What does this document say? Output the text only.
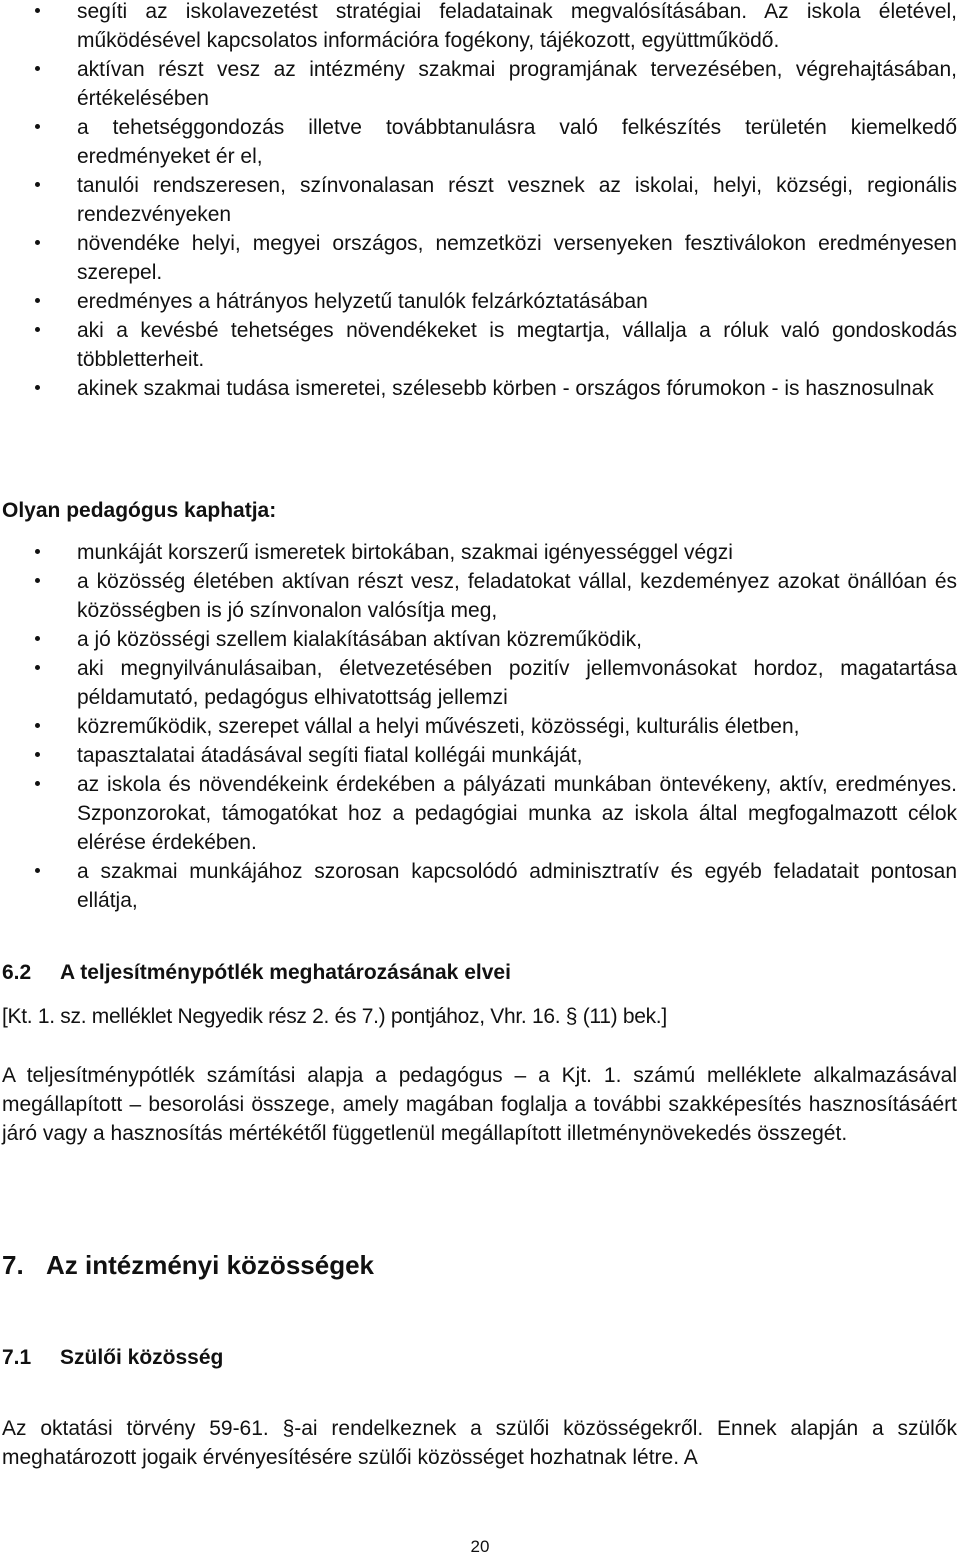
segíti az iskolavezetést stratégiai feladatainak megvalósításában. Az iskola életével, működésével kapcsolatos információra fogékony, tájékozott, együttműködő.
aktívan részt vesz az intézmény szakmai programjának tervezésében, végrehajtásában, értékelésében
a tehetséggondozás illetve továbbtanulásra való felkészítés területén kiemelkedő eredményeket ér el,
tanulói rendszeresen, színvonalasan részt vesznek az iskolai, helyi, községi, regionális rendezvényeken
növendéke helyi, megyei országos, nemzetközi versenyeken fesztiválokon eredményesen szerepel.
eredményes a hátrányos helyzetű tanulók felzárkóztatásában
aki a kevésbé tehetséges növendékeket is megtartja, vállalja a róluk való gondoskodás többletterheit.
akinek szakmai tudása ismeretei, szélesebb körben - országos fórumokon - is hasznosulnak

Olyan pedagógus kaphatja:

munkáját korszerű ismeretek birtokában, szakmai igényességgel végzi
a közösség életében aktívan részt vesz, feladatokat vállal, kezdeményez azokat önállóan és közösségben is jó színvonalon valósítja meg,
a jó közösségi szellem kialakításában aktívan közreműködik,
aki megnyilvánulásaiban, életvezetésében pozitív jellemvonásokat hordoz, magatartása példamutató, pedagógus elhivatottság jellemzi
közreműködik, szerepet vállal a helyi művészeti, közösségi, kulturális életben,
tapasztalatai átadásával segíti fiatal kollégái munkáját,
az iskola és növendékeink érdekében a pályázati munkában öntevékeny, aktív, eredményes. Szponzorokat, támogatókat hoz a pedagógiai munka az iskola által megfogalmazott célok elérése érdekében.
a szakmai munkájához szorosan kapcsolódó adminisztratív és egyéb feladatait pontosan ellátja,
6.2 A teljesítménypótlék meghatározásának elvei

[Kt. 1. sz. melléklet Negyedik rész 2. és 7.) pontjához, Vhr. 16. § (11) bek.]

A teljesítménypótlék számítási alapja a pedagógus – a Kjt. 1. számú melléklete alkalmazásával megállapított – besorolási összege, amely magában foglalja a további szakképesítés hasznosításáért járó vagy a hasznosítás mértékétől függetlenül megállapított illetménynövekedés összegét.

7. Az intézményi közösségek
7.1 Szülői közösség

Az oktatási törvény 59-61. §-ai rendelkeznek a szülői közösségekről. Ennek alapján a szülők meghatározott jogaik érvényesítésére szülői közösséget hozhatnak létre. A

20
